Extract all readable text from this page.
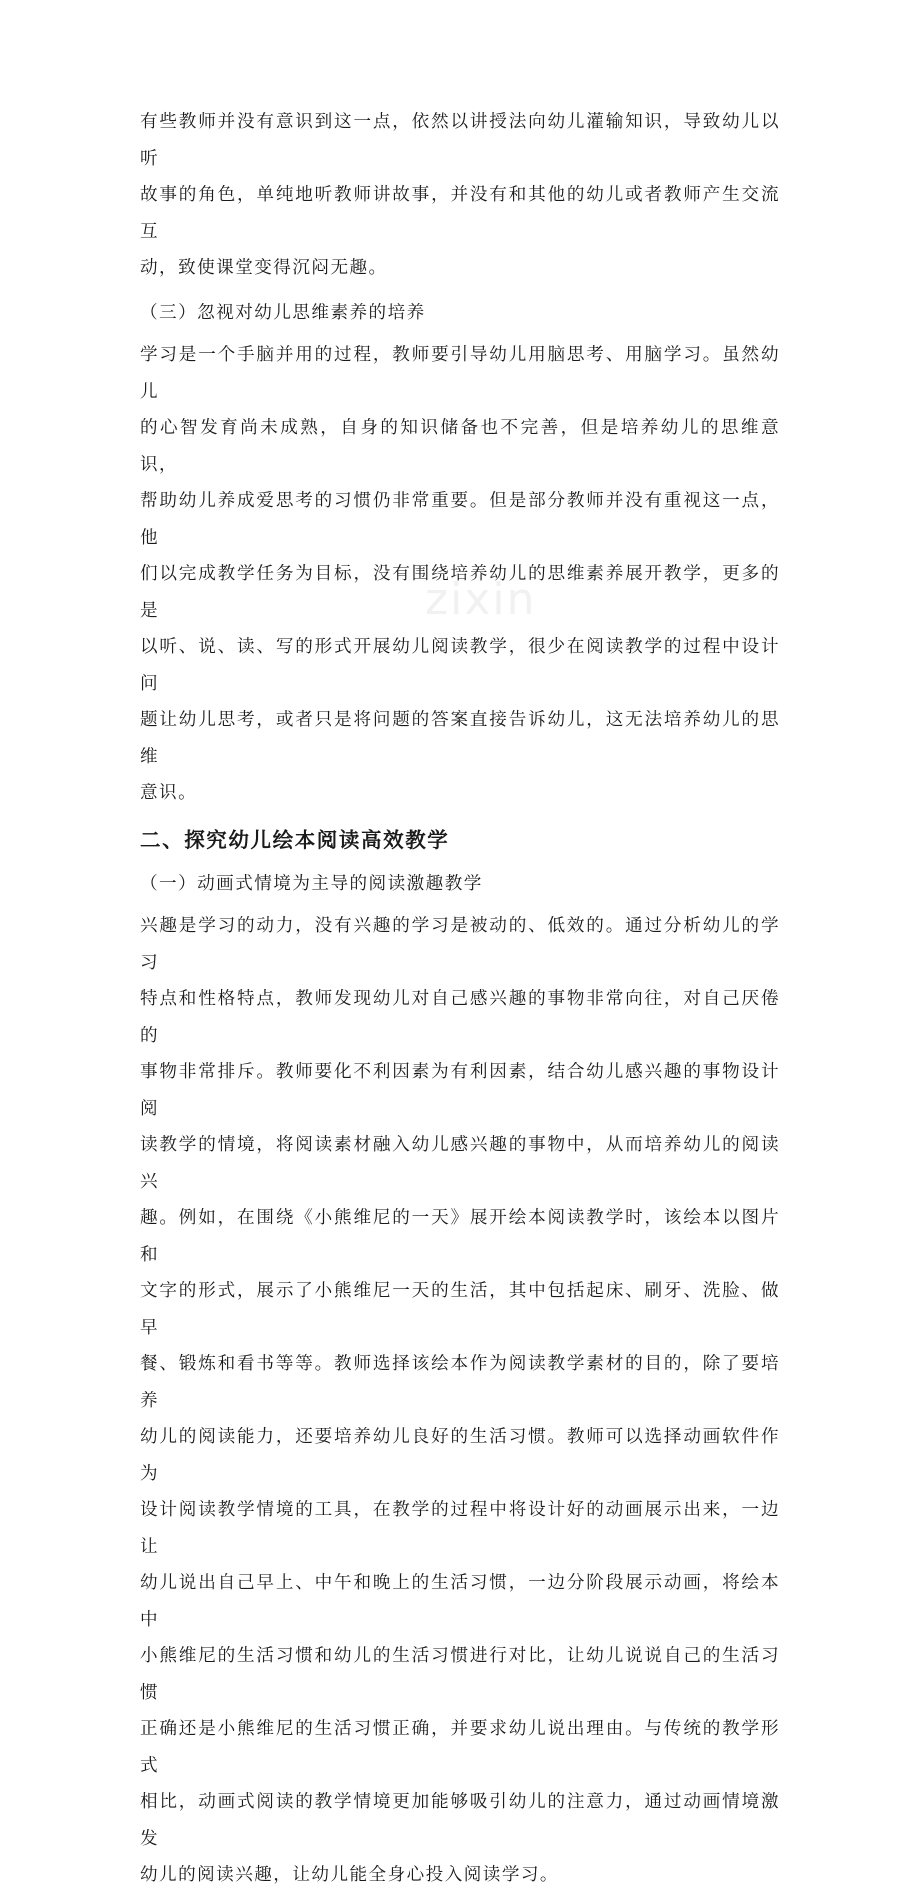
有些教师并没有意识到这一点，依然以讲授法向幼儿灌输知识，导致幼儿以听
故事的角色，单纯地听教师讲故事，并没有和其他的幼儿或者教师产生交流互
动，致使课堂变得沉闷无趣。

（三）忽视对幼儿思维素养的培养

学习是一个手脑并用的过程，教师要引导幼儿用脑思考、用脑学习。虽然幼儿
的心智发育尚未成熟，自身的知识储备也不完善，但是培养幼儿的思维意识，
帮助幼儿养成爱思考的习惯仍非常重要。但是部分教师并没有重视这一点，他
们以完成教学任务为目标，没有围绕培养幼儿的思维素养展开教学，更多的是
以听、说、读、写的形式开展幼儿阅读教学，很少在阅读教学的过程中设计问
题让幼儿思考，或者只是将问题的答案直接告诉幼儿，这无法培养幼儿的思维
意识。

二、探究幼儿绘本阅读高效教学

（一）动画式情境为主导的阅读激趣教学

兴趣是学习的动力，没有兴趣的学习是被动的、低效的。通过分析幼儿的学习
特点和性格特点，教师发现幼儿对自己感兴趣的事物非常向往，对自己厌倦的
事物非常排斥。教师要化不利因素为有利因素，结合幼儿感兴趣的事物设计阅
读教学的情境，将阅读素材融入幼儿感兴趣的事物中，从而培养幼儿的阅读兴
趣。例如，在围绕《小熊维尼的一天》展开绘本阅读教学时，该绘本以图片和
文字的形式，展示了小熊维尼一天的生活，其中包括起床、刷牙、洗脸、做早
餐、锻炼和看书等等。教师选择该绘本作为阅读教学素材的目的，除了要培养
幼儿的阅读能力，还要培养幼儿良好的生活习惯。教师可以选择动画软件作为
设计阅读教学情境的工具，在教学的过程中将设计好的动画展示出来，一边让
幼儿说出自己早上、中午和晚上的生活习惯，一边分阶段展示动画，将绘本中
小熊维尼的生活习惯和幼儿的生活习惯进行对比，让幼儿说说自己的生活习惯
正确还是小熊维尼的生活习惯正确，并要求幼儿说出理由。与传统的教学形式
相比，动画式阅读的教学情境更加能够吸引幼儿的注意力，通过动画情境激发
幼儿的阅读兴趣，让幼儿能全身心投入阅读学习。

zixin
